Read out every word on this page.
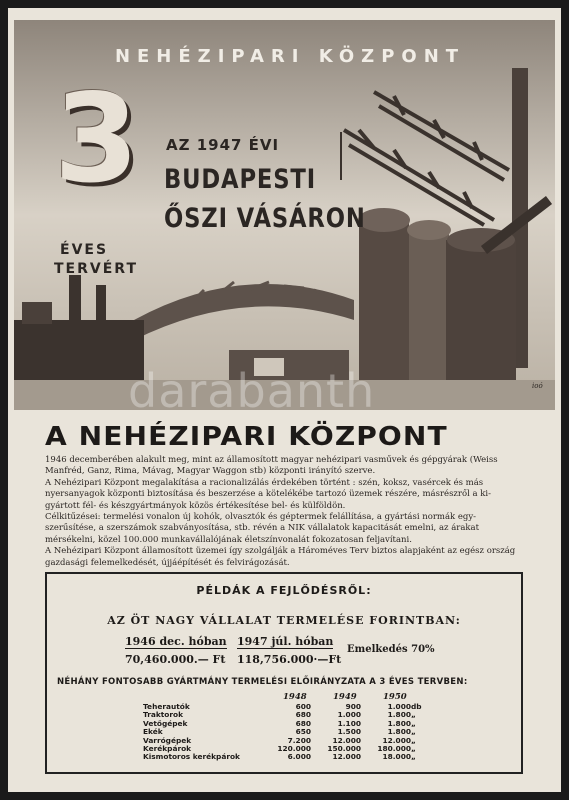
NEHÉZIPARI KÖZPONT
3
ÉVES
TERVÉRT
AZ 1947 ÉVI
BUDAPESTI
ŐSZI VÁSÁRON
ioó
darabanth
A NEHÉZIPARI KÖZPONT

1946 decemberében alakult meg, mint az államosított magyar nehézipari vasművek és gépgyárak (Weiss Manfréd, Ganz, Rima, Mávag, Magyar Waggon stb) központi irányító szerve.

A Nehézipari Központ megalakítása a racionalizálás érdekében történt : szén, koksz, vasércek és más nyersanyagok központi biztosítása és beszerzése a kötelékébe tartozó üzemek részére, másrészről a ki- gyártott fél- és készgyártmányok közös értékesítése bel- és külföldön.

Célkitűzései: termelési vonalon új kohók, olvasztók és géptermek felállítása, a gyártási normák egy- szerűsítése, a szerszámok szabványosítása, stb. révén a NIK vállalatok kapacitását emelni, az árakat mérsékelni, közel 100.000 munkavállalójának életszínvonalát fokozatosan feljavítani.

A Nehézipari Központ államosított üzemei így szolgálják a Hároméves Terv biztos alapjaként az egész ország gazdasági felemelkedését, újjáépítését és felvirágozását.

PÉLDÁK A FEJLŐDÉSRŐL:
AZ ÖT NAGY VÁLLALAT TERMELÉSE FORINTBAN:
1946 dec. hóban
70,460.000.— Ft
1947 júl. hóban
118,756.000·—Ft
Emelkedés 70%
NÉHÁNY FONTOSABB GYÁRTMÁNY TERMELÉSI ELŐIRÁNYZATA A 3 ÉVES TERVBEN:
1948	1949	1950
Teherautók	600	900	1.000	db
Traktorok	680	1.000	1.800	„
Vetőgépek	680	1.100	1.800	„
Ekék	650	1.500	1.800	„
Varrógépek	7.200	12.000	12.000	„
Kerékpárok	120.000	150.000	180.000	„
Kismotoros kerékpárok	6.000	12.000	18.000	„
